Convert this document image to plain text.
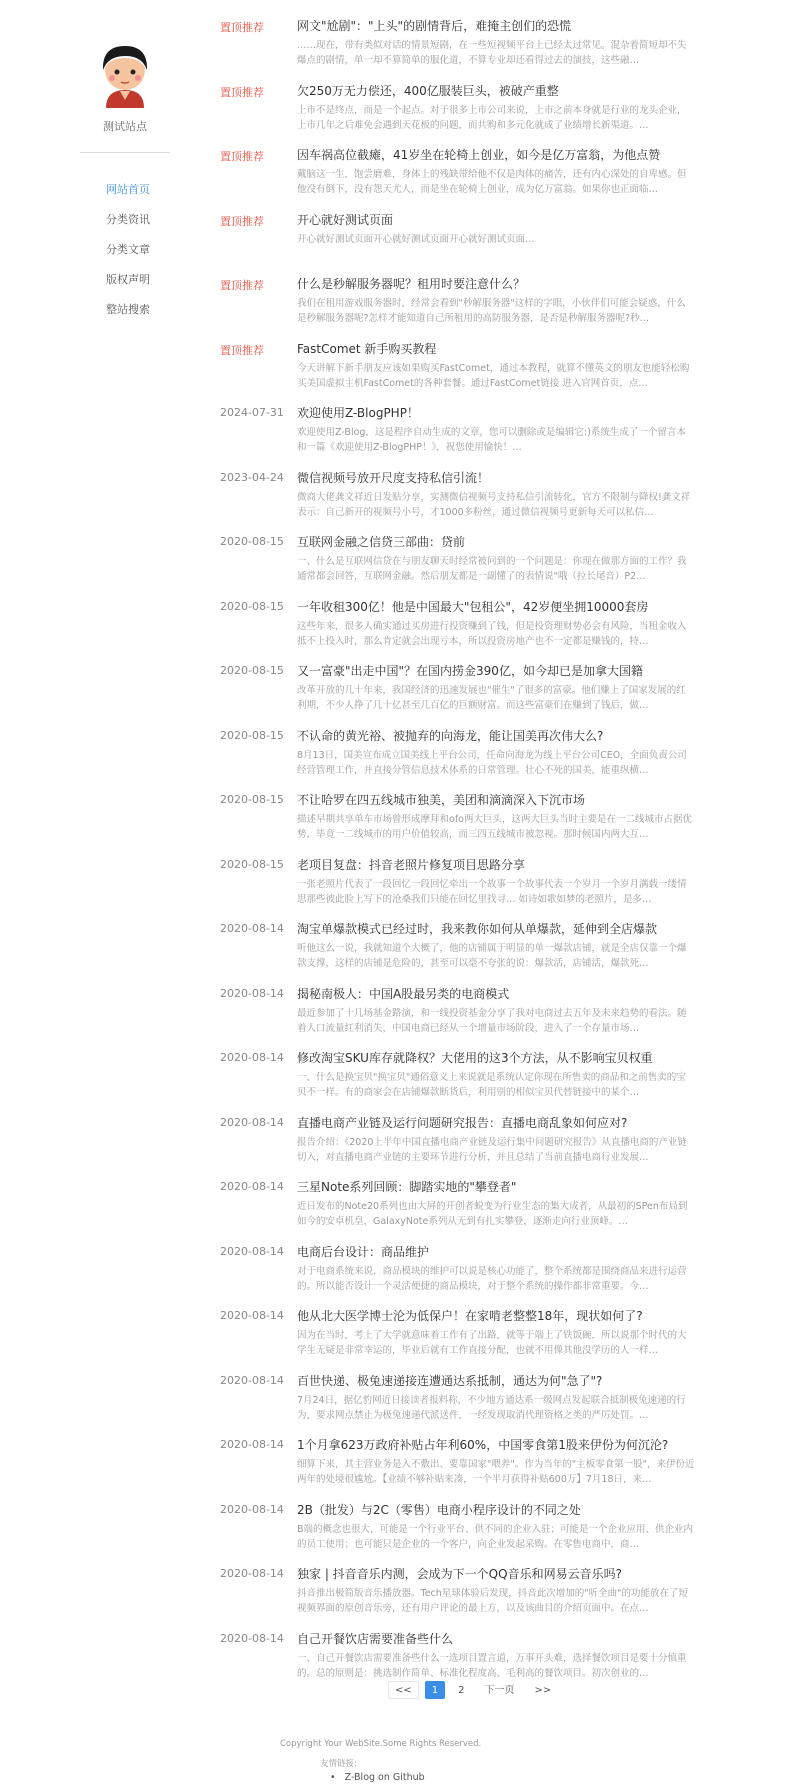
测试站点
网站首页
分类资讯
分类文章
版权声明
整站搜索
置顶推荐	网文"尬剧"："上头"的剧情背后，难掩主创们的恐慌
……现在，带有类似对话的情景短剧，在一些短视频平台上已经太过常见。混杂着简短却不失爆点的剧情，单一却不算简单的服化道，不算专业却还看得过去的演技，这些融…
置顶推荐	欠250万无力偿还，400亿服装巨头，被破产重整
上市不是终点，而是一个起点。对于很多上市公司来说，上市之前本身就是行业的龙头企业，上市几年之后难免会遇到天花板的问题，而共购和多元化就成了业绩增长新渠道。…
置顶推荐	因车祸高位截瘫，41岁坐在轮椅上创业，如今是亿万富翁，为他点赞
戴脑这一生，饱尝磨难，身体上的残缺带给他不仅是肉体的痛苦，还有内心深处的自卑感。但他没有倒下，没有怨天尤人，而是坐在轮椅上创业，成为亿万富翁。如果你也正面临…
置顶推荐	开心就好测试页面
开心就好测试页面开心就好测试页面开心就好测试页面…
置顶推荐	什么是秒解服务器呢？租用时要注意什么？
我们在租用游戏服务器时，经常会看到"秒解服务器"这样的字眼，小伙伴们可能会疑惑，什么是秒解服务器呢?怎样才能知道自己所租用的高防服务器，是否是秒解服务器呢?秒…
置顶推荐	FastComet 新手购买教程
今天讲解下新手朋友应该如果购买FastComet，通过本教程，就算不懂英文的朋友也能轻松购买美国虚拟主机FastComet的各种套餐。通过FastComet链接 进入官网首页，点…
2024-07-31	欢迎使用Z-BlogPHP！
欢迎使用Z-Blog，这是程序自动生成的文章，您可以删除或是编辑它:)系统生成了一个留言本和一篇《欢迎使用Z-BlogPHP！》，祝您使用愉快！…
2023-04-24	微信视频号放开尺度支持私信引流！
微商大佬龚文祥近日发贴分享，实测微信视频号支持私信引流转化，官方不限制与降权!龚文祥表示：自己新开的视频号小号，才1000多粉丝，通过微信视频号更新每天可以私信…
2020-08-15	互联网金融之信贷三部曲：贷前
一、什么是互联网信贷在与朋友聊天时经常被问到的一个问题是：你现在做那方面的工作？我通常都会回答，互联网金融。然后朋友都是一副懂了的表情说"哦（拉长尾音）P2…
2020-08-15	一年收租300亿！他是中国最大"包租公"，42岁便坐拥10000套房
这些年来，很多人确实通过买房进行投资赚到了钱，但是投资理财势必会有风险，当租金收入抵不上投入时，那么肯定就会出现亏本，所以投资房地产也不一定都是赚钱的，特…
2020-08-15	又一富豪"出走中国"？在国内捞金390亿，如今却已是加拿大国籍
改革开放的几十年来，我国经济的迅速发展也"催生"了很多的富豪。他们赚上了国家发展的红利期，不少人挣了几十亿甚至几百亿的巨额财富。而这些富豪们在赚到了钱后，做…
2020-08-15	不认命的黄光裕、被抛弃的向海龙，能让国美再次伟大么?
8月13日，国美宣布成立国美线上平台公司，任命向海龙为线上平台公司CEO，全面负责公司经营管理工作，并直接分管信息技术体系的日常管理。壮心不死的国美，能重纵横…
2020-08-15	不让哈罗在四五线城市独美，美团和滴滴深入下沉市场
描述早期共享单车市场曾形成摩拜和ofo两大巨头，这两大巨头当时主要是在一二线城市占据优势，毕竟一二线城市的用户价值较高，而三四五线城市被忽视。那时候国内两大互…
2020-08-15	老项目复盘：抖音老照片修复项目思路分享
一张老照片代表了一段回忆一段回忆牵出一个故事一个故事代表一个岁月一个岁月满载一缕情思那些彼此脸上写下的沧桑我们只能在回忆里找寻… 如诗如歌如梦的老照片，是多…
2020-08-14	淘宝单爆款模式已经过时，我来教你如何从单爆款，延伸到全店爆款
听他这么一说，我就知道个大概了，他的店铺属于明显的单一爆款店铺，就是全店仅靠一个爆款支撑，这样的店铺是危险的，甚至可以毫不夸张的说：爆款活，店铺活，爆款死…
2020-08-14	揭秘南极人：中国A股最另类的电商模式
最近参加了十几场基金路演，和一线投资基金分享了我对电商过去五年及未来趋势的看法。随着人口流量红利消失，中国电商已经从一个增量市场阶段，进入了一个存量市场…
2020-08-14	修改淘宝SKU库存就降权？大佬用的这3个方法，从不影响宝贝权重
一、什么是换宝贝"换宝贝"通俗意义上来说就是系统认定你现在所售卖的商品和之前售卖的宝贝不一样。有的商家会在店铺爆款断货后，利用别的相似宝贝代替链接中的某个…
2020-08-14	直播电商产业链及运行问题研究报告：直播电商乱象如何应对?
报告介绍：《2020上半年中国直播电商产业链及运行集中问题研究报告》从直播电商的产业链切入，对直播电商产业链的主要环节进行分析，并且总结了当前直播电商行业发展…
2020-08-14	三星Note系列回顾：脚踏实地的"攀登者"
近日发布的Note20系列也由大屏的开创者蜕变为行业生态的集大成者，从最初的SPen布局到如今的安卓机皇，GalaxyNote系列从无到有扎实攀登，逐渐走向行业顶峰。…
2020-08-14	电商后台设计：商品维护
对于电商系统来说，商品模块的维护可以说是核心功能了，整个系统都是围绕商品来进行运营的。所以能否设计一个灵活便捷的商品模块，对于整个系统的操作都非常重要。今…
2020-08-14	他从北大医学博士沦为低保户！在家啃老整整18年，现状如何了?
因为在当时，考上了大学就意味着工作有了出路，就等于端上了铁饭碗，所以说那个时代的大学生无疑是非常幸运的，毕业后就有工作直接分配，也就不用像其他没学历的人一样…
2020-08-14	百世快递、极兔速递接连遭通达系抵制，通达为何"急了"?
7月24日，据亿豹网近日接读者报料称，不少地方通达系一级网点发起联合抵制极兔速递的行为，要求网点禁止为极兔速递代派送件，一经发现取消代理资格之类的严厉处罚。…
2020-08-14	1个月拿623万政府补贴占年利60%，中国零食第1股来伊份为何沉沦?
细算下来，其主营业务是入不敷出、要靠国家"喂养"。作为当年的"主板零食第一股"，来伊份近两年的处境很尴尬。【业绩不够补贴来凑，一个半月获得补贴600万】7月18日，来…
2020-08-14	2B（批发）与2C（零售）电商小程序设计的不同之处
B端的概念也很大，可能是一个行业平台、供不同的企业入驻；可能是一个企业应用、供企业内的员工使用；也可能只是企业的一个客户，向企业发起采购。在零售电商中，商…
2020-08-14	独家 | 抖音音乐内测，会成为下一个QQ音乐和网易云音乐吗?
抖音推出极简版音乐播放器。Tech星球体验后发现，抖音此次增加的"听全曲"的功能放在了短视频界面的原创音乐旁，还有用户评论的最上方，以及该曲目的介绍页面中。在点…
2020-08-14	自己开餐饮店需要准备些什么
一、自己开餐饮店需要准备些什么一选项目置言道，万事开头难，选择餐饮项目是要十分慎重的。总的原则是：挑选制作简单、标准化程度高、毛利高的餐饮项目。初次创业的…
<<	1	2	下一页	>>
Copyright Your WebSite.Some Rights Reserved.
友情链接:
• Z-Blog on Github
